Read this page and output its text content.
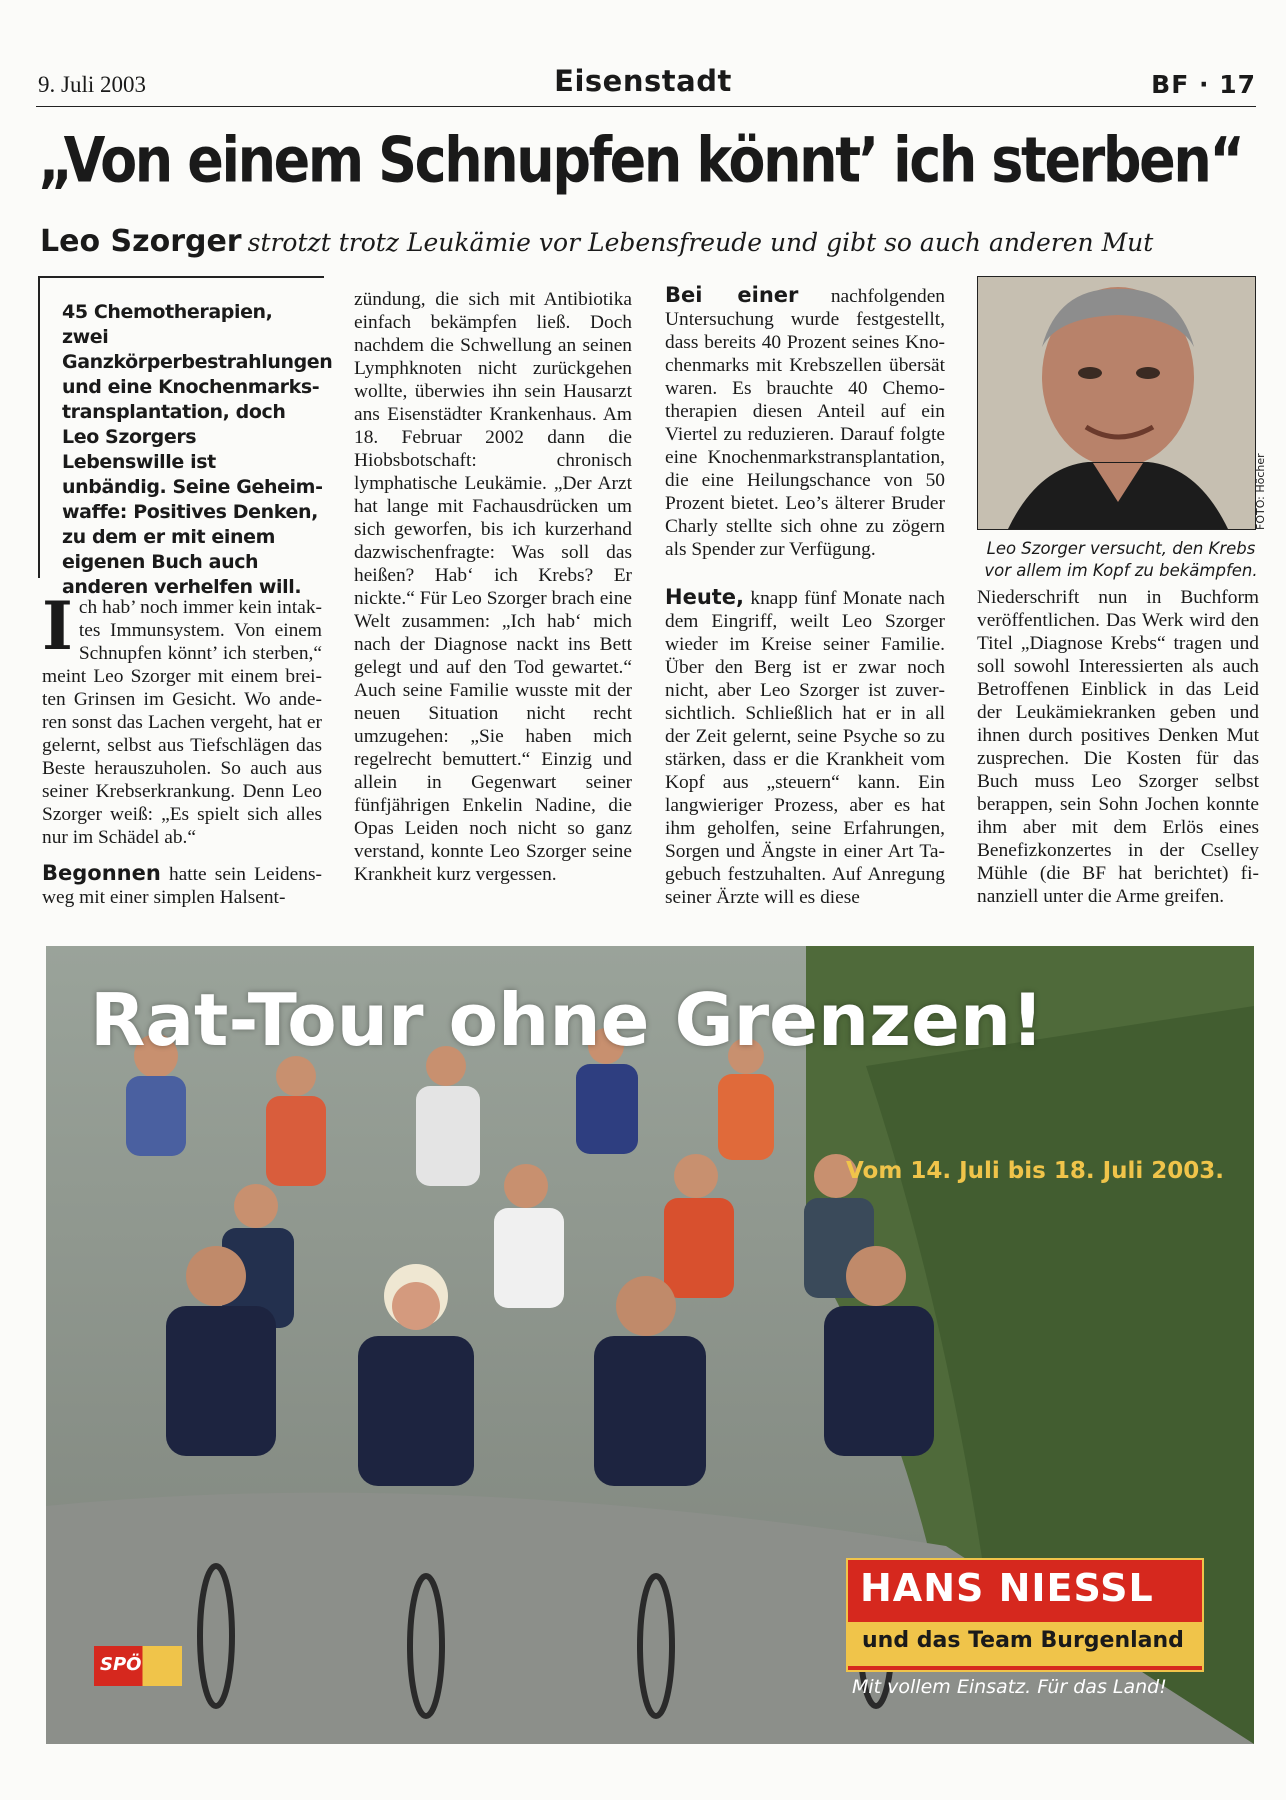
9. Juli 2003	Eisenstadt	BF · 17
„Von einem Schnupfen könnt’ ich sterben“
Leo Szorger strotzt trotz Leukämie vor Lebensfreude und gibt so auch anderen Mut
45 Chemotherapien, zwei Ganzkörperbestrahlungen und eine Knochenmarkstransplantation, doch Leo Szorgers Lebenswille ist unbändig. Seine Geheimwaffe: Positives Denken, zu dem er mit einem eigenen Buch auch anderen verhelfen will.
I ch hab’ noch immer kein intaktes Immunsystem. Von einem Schnupfen könnt’ ich sterben,“ meint Leo Szorger mit einem breiten Grinsen im Gesicht. Wo anderen sonst das Lachen vergeht, hat er gelernt, selbst aus Tiefschlägen das Beste herauszuholen. So auch aus seiner Krebserkrankung. Denn Leo Szorger weiß: „Es spielt sich alles nur im Schädel ab.“

Begonnen hatte sein Leidensweg mit einer simplen Halsent-

zündung, die sich mit Antibiotika einfach bekämpfen ließ. Doch nachdem die Schwellung an seinen Lymphknoten nicht zurückgehen wollte, überwies ihn sein Hausarzt ans Eisenstädter Krankenhaus. Am 18. Februar 2002 dann die Hiobsbotschaft: chronisch lymphatische Leukämie. „Der Arzt hat lange mit Fachausdrücken um sich geworfen, bis ich kurzerhand dazwischenfragte: Was soll das heißen? Hab‘ ich Krebs? Er nickte.“ Für Leo Szorger brach eine Welt zusammen: „Ich hab‘ mich nach der Diagnose nackt ins Bett gelegt und auf den Tod gewartet.“ Auch seine Familie wusste mit der neuen Situation nicht recht umzugehen: „Sie haben mich regelrecht bemuttert.“ Einzig und allein in Gegenwart seiner fünfjährigen Enkelin Nadine, die Opas Leiden noch nicht so ganz verstand, konnte Leo Szorger seine Krankheit kurz vergessen.

Bei einer nachfolgenden Untersuchung wurde festgestellt, dass bereits 40 Prozent seines Knochenmarks mit Krebszellen übersät waren. Es brauchte 40 Chemotherapien diesen Anteil auf ein Viertel zu reduzieren. Darauf folgte eine Knochenmarkstransplantation, die eine Heilungschance von 50 Prozent bietet. Leo’s älterer Bruder Charly stellte sich ohne zu zögern als Spender zur Verfügung.

Heute, knapp fünf Monate nach dem Eingriff, weilt Leo Szorger wieder im Kreise seiner Familie. Über den Berg ist er zwar noch nicht, aber Leo Szorger ist zuversichtlich. Schließlich hat er in all der Zeit gelernt, seine Psyche so zu stärken, dass er die Krankheit vom Kopf aus „steuern“ kann. Ein langwieriger Prozess, aber es hat ihm geholfen, seine Erfahrungen, Sorgen und Ängste in einer Art Tagebuch festzuhalten. Auf Anregung seiner Ärzte will es diese

FOTO: Höcher
Leo Szorger versucht, den Krebs vor allem im Kopf zu bekämpfen.

Niederschrift nun in Buchform veröffentlichen. Das Werk wird den Titel „Diagnose Krebs“ tragen und soll sowohl Interessierten als auch Betroffenen Einblick in das Leid der Leukämiekranken geben und ihnen durch positives Denken Mut zusprechen. Die Kosten für das Buch muss Leo Szorger selbst berappen, sein Sohn Jochen konnte ihm aber mit dem Erlös eines Benefizkonzertes in der Cselley Mühle (die BF hat berichtet) finanziell unter die Arme greifen.

Rat-Tour ohne Grenzen!
Vom 14. Juli bis 18. Juli 2003.
HANS NIESSL
und das Team Burgenland
Mit vollem Einsatz. Für das Land!
SPÖ
